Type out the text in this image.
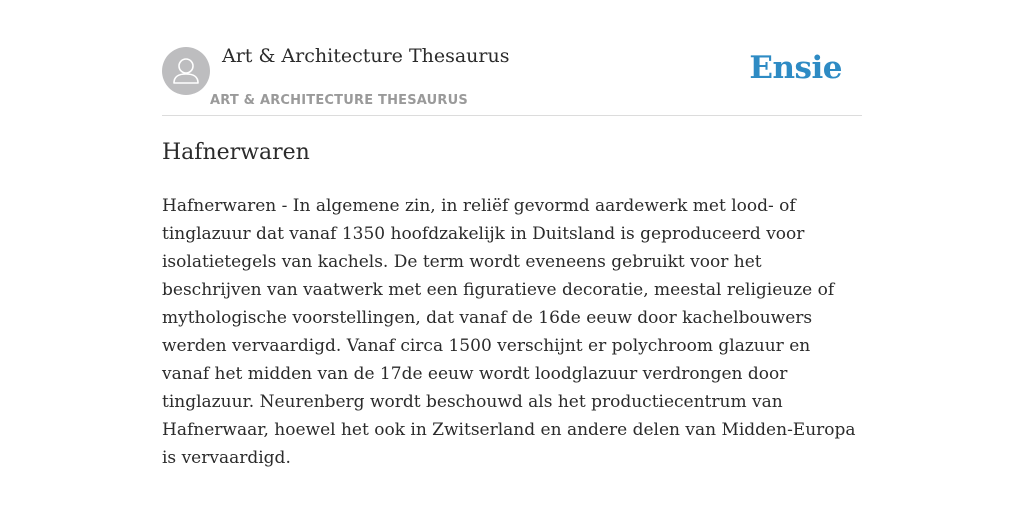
Art & Architecture Thesaurus
ART & ARCHITECTURE THESAURUS
Ensie
Hafnerwaren

Hafnerwaren - In algemene zin, in reliëf gevormd aardewerk met lood- of tinglazuur dat vanaf 1350 hoofdzakelijk in Duitsland is geproduceerd voor isolatietegels van kachels. De term wordt eveneens gebruikt voor het beschrijven van vaatwerk met een figuratieve decoratie, meestal religieuze of mythologische voorstellingen, dat vanaf de 16de eeuw door kachelbouwers werden vervaardigd. Vanaf circa 1500 verschijnt er polychroom glazuur en vanaf het midden van de 17de eeuw wordt loodglazuur verdrongen door tinglazuur. Neurenberg wordt beschouwd als het productiecentrum van Hafnerwaar, hoewel het ook in Zwitserland en andere delen van Midden-Europa is vervaardigd.
